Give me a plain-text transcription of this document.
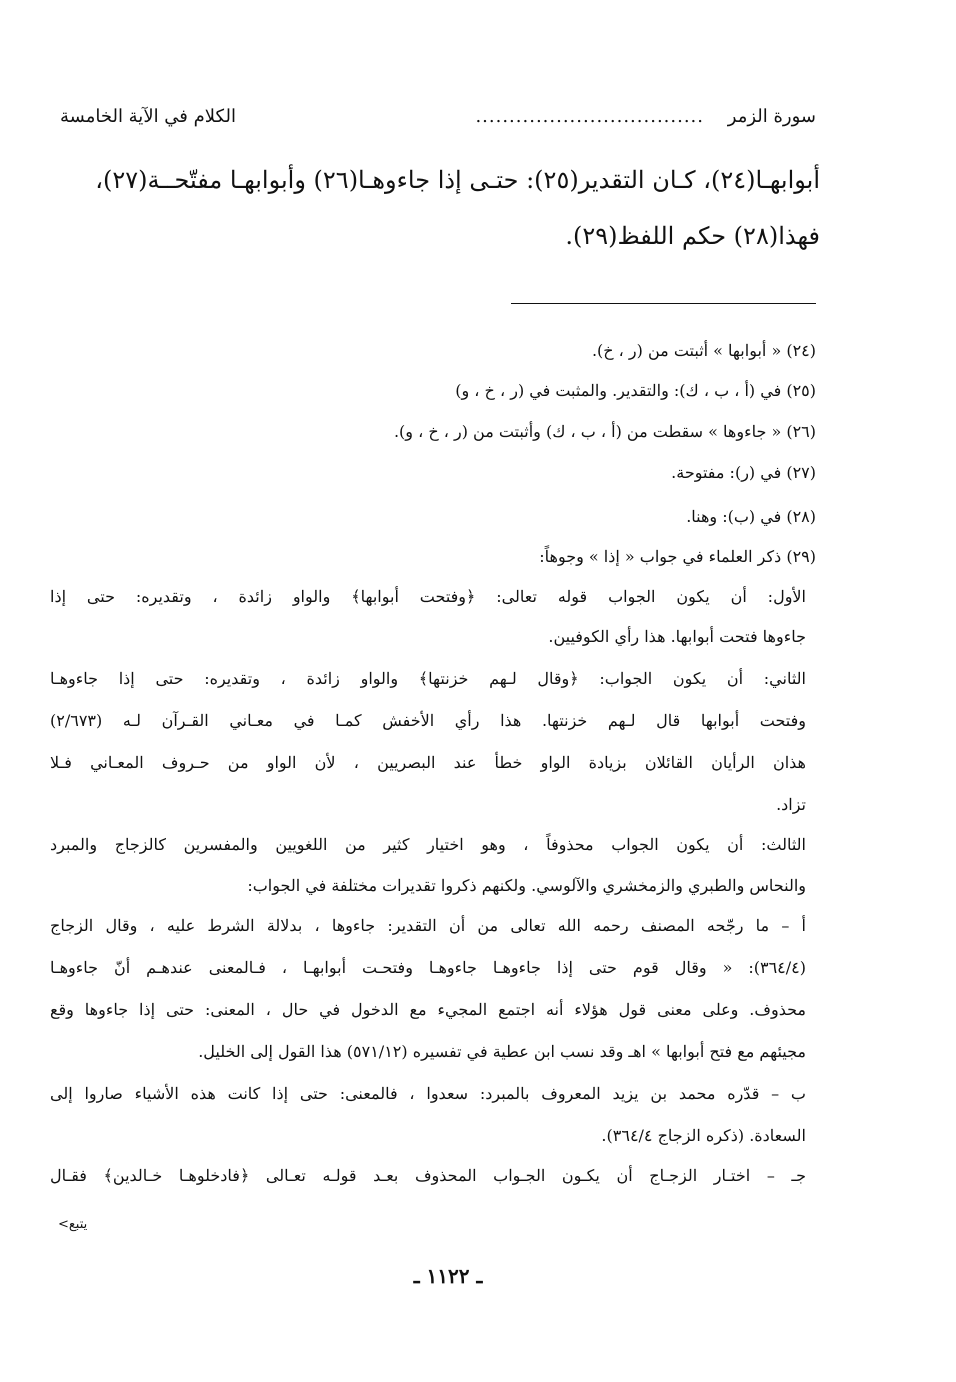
سورة الزمر
..................................
الكلام في الآية الخامسة
أبوابهـا(٢٤)، كـان التقدير(٢٥): حتـى إذا جاءوهـا(٢٦) وأبوابهـا مفتّحــة(٢٧)،
فهذا(٢٨) حكم اللفظ(٢٩).
(٢٤) « أبوابها » أثبتت من (ر ، خ).
(٢٥) في (أ ، ب ، ك): والتقدير. والمثبت في (ر ، خ ، و)
(٢٦) « جاءوها » سقطت من (أ ، ب ، ك) وأثبتت من (ر ، خ ، و).
(٢٧) في (ر): مفتوحة.
(٢٨) في (ب): وهنا.
(٢٩) ذكر العلماء في جواب « إذا » وجوهاً:
الأول: أن يكون الجواب قوله تعالى: ﴿وفتحت أبوابها﴾ والواو زائدة ، وتقديره: حتى إذا
جاءوها فتحت أبوابها. هذا رأي الكوفيين.
الثاني: أن يكون الجواب: ﴿وقال لـهم خزنتها﴾ والواو زائدة ، وتقديره: حتى إذا جاءوهـا
وفتحت أبوابها قال لـهم خزنتها. هذا رأي الأخفش كمـا في معـاني القـرآن لـه (٢/٦٧٣)
هذان الرأيان القائلان بزيادة الواو خطأ عند البصريين ، لأن الواو من حـروف المعـاني فـلا
تزاد.
الثالث: أن يكون الجواب محذوفاً ، وهو اختيار كثير من اللغويين والمفسرين كالزجاج والمبرد
والنحاس والطبري والزمخشري والآلوسي. ولكنهم ذكروا تقديرات مختلفة في الجواب:
أ – ما رجّحه المصنف رحمه الله تعالى من أن التقدير: جاءوها ، بدلالة الشرط عليه ، وقال الزجاج
(٣٦٤/٤): « وقال قوم حتى إذا جاءوهـا جاءوهـا وفتحـت أبوابهـا ، فـالمعنى عندهـم أنّ جاءوهـا
محذوف. وعلى معنى قول هؤلاء أنه اجتمع المجيء مع الدخول في حال ، المعنى: حتى إذا جاءوها وقع
مجيئهم مع فتح أبوابها » اهـ وقد نسب ابن عطية في تفسيره (٥٧١/١٢) هذا القول إلى الخليل.
ب – قدّره محمد بن يزيد المعروف بالمبرد: سعدوا ، فالمعنى: حتى إذا كانت هذه الأشياء صاروا إلى
السعادة. (ذكره الزجاج ٣٦٤/٤).
جـ – اختـار الزجـاج أن يكـون الجـواب المحذوف بعـد قولـه تعـالى ﴿فادخلوهـا خـالدين﴾ فقـال
يتبع>
ـ ١١٢٢ ـ
